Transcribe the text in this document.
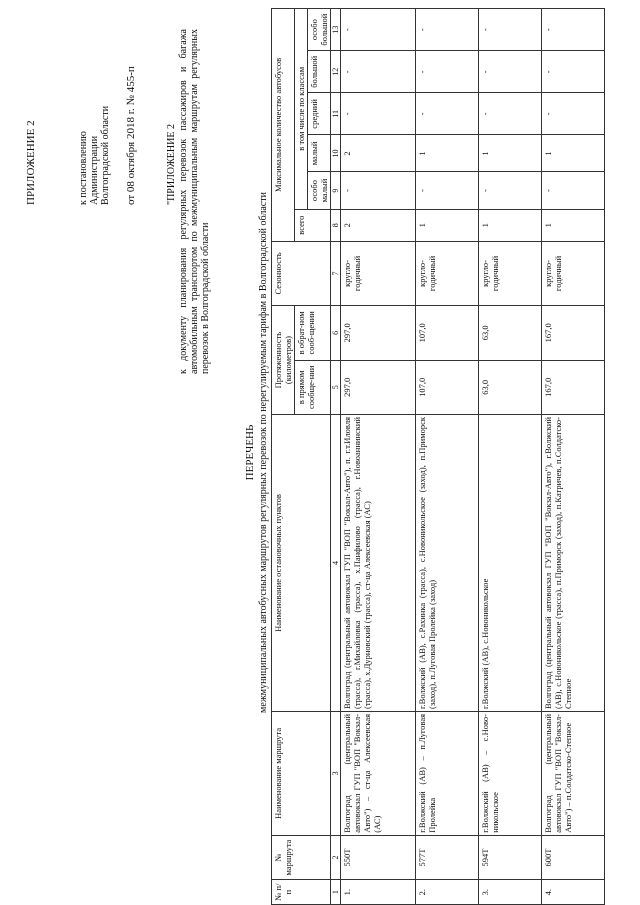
ПРИЛОЖЕНИЕ 2	к постановлению Администрации Волгоградской области от 08 октября 2018 г. № 455-п	"ПРИЛОЖЕНИЕ 2 к документу планирования регулярных перевозок пассажиров и багажа автомобильным транспортом по межмуниципальным маршрутам регулярных перевозок в Волгоградской области
ПЕРЕЧЕНЬ межмуниципальных автобусных маршрутов регулярных перевозок по нерегулируемым тарифам в Волгоградской области
№ п/п	№ маршрута	Наименование маршрута	Наименование остановочных пунктов	Протяженность (километров)		Сезонность	Максимальное количество автобусов					
				в прямом сообще-нии	в обрат-ном сооб-щении		всего	в том числе по классам				
								особо малый	малый	средний	большой	особо большой
1	2	3	4	5	6	7	8	9	10	11	12	13
1.	550Т	Волгоград (центральный автовокзал ГУП "ВОП "Вокзал-Авто") – ст-ца Алексеевская (АС)	Волгоград (центральный автовокзал ГУП "ВОП "Вокзал-Авто"), п. г.т.Иловля (трасса), г.Михайловка (трасса), х.Панфилово (трасса), г.Новоаннинский (трасса), х.Дурновский (трасса), ст-ца Алексеевская (АС)	297,0	297,0	кругло-годичный	2	-	2	-	-	-
2.	577Т	г.Волжский (АВ) – п.Луговая Пролейка	г.Волжский (АВ), с.Рахинка (трасса), с.Новоникольское (заход), п.Приморск (заход), п.Луговая Пролейка (заход)	107,0	107,0	кругло-годичный	1	-	1	-	-	-
3.	594Т	г.Волжский (АВ) – с.Ново-никольское	г.Волжский (АВ), с.Новоникольское	63,0	63,0	кругло-годичный	1	-	1	-	-	-
4.	600Т	Волгоград (центральный автовокзал ГУП "ВОП "Вокзал-Авто") – п.Солдатско-Степное	Волгоград (центральный автовокзал ГУП "ВОП "Вокзал-Авто"), г.Волжский (АВ), с.Новоникольское (трасса), п.Приморск (заход), п.Катричев, п.Солдатско-Степное	167,0	167,0	кругло-годичный	1	-	1	-	-	-
